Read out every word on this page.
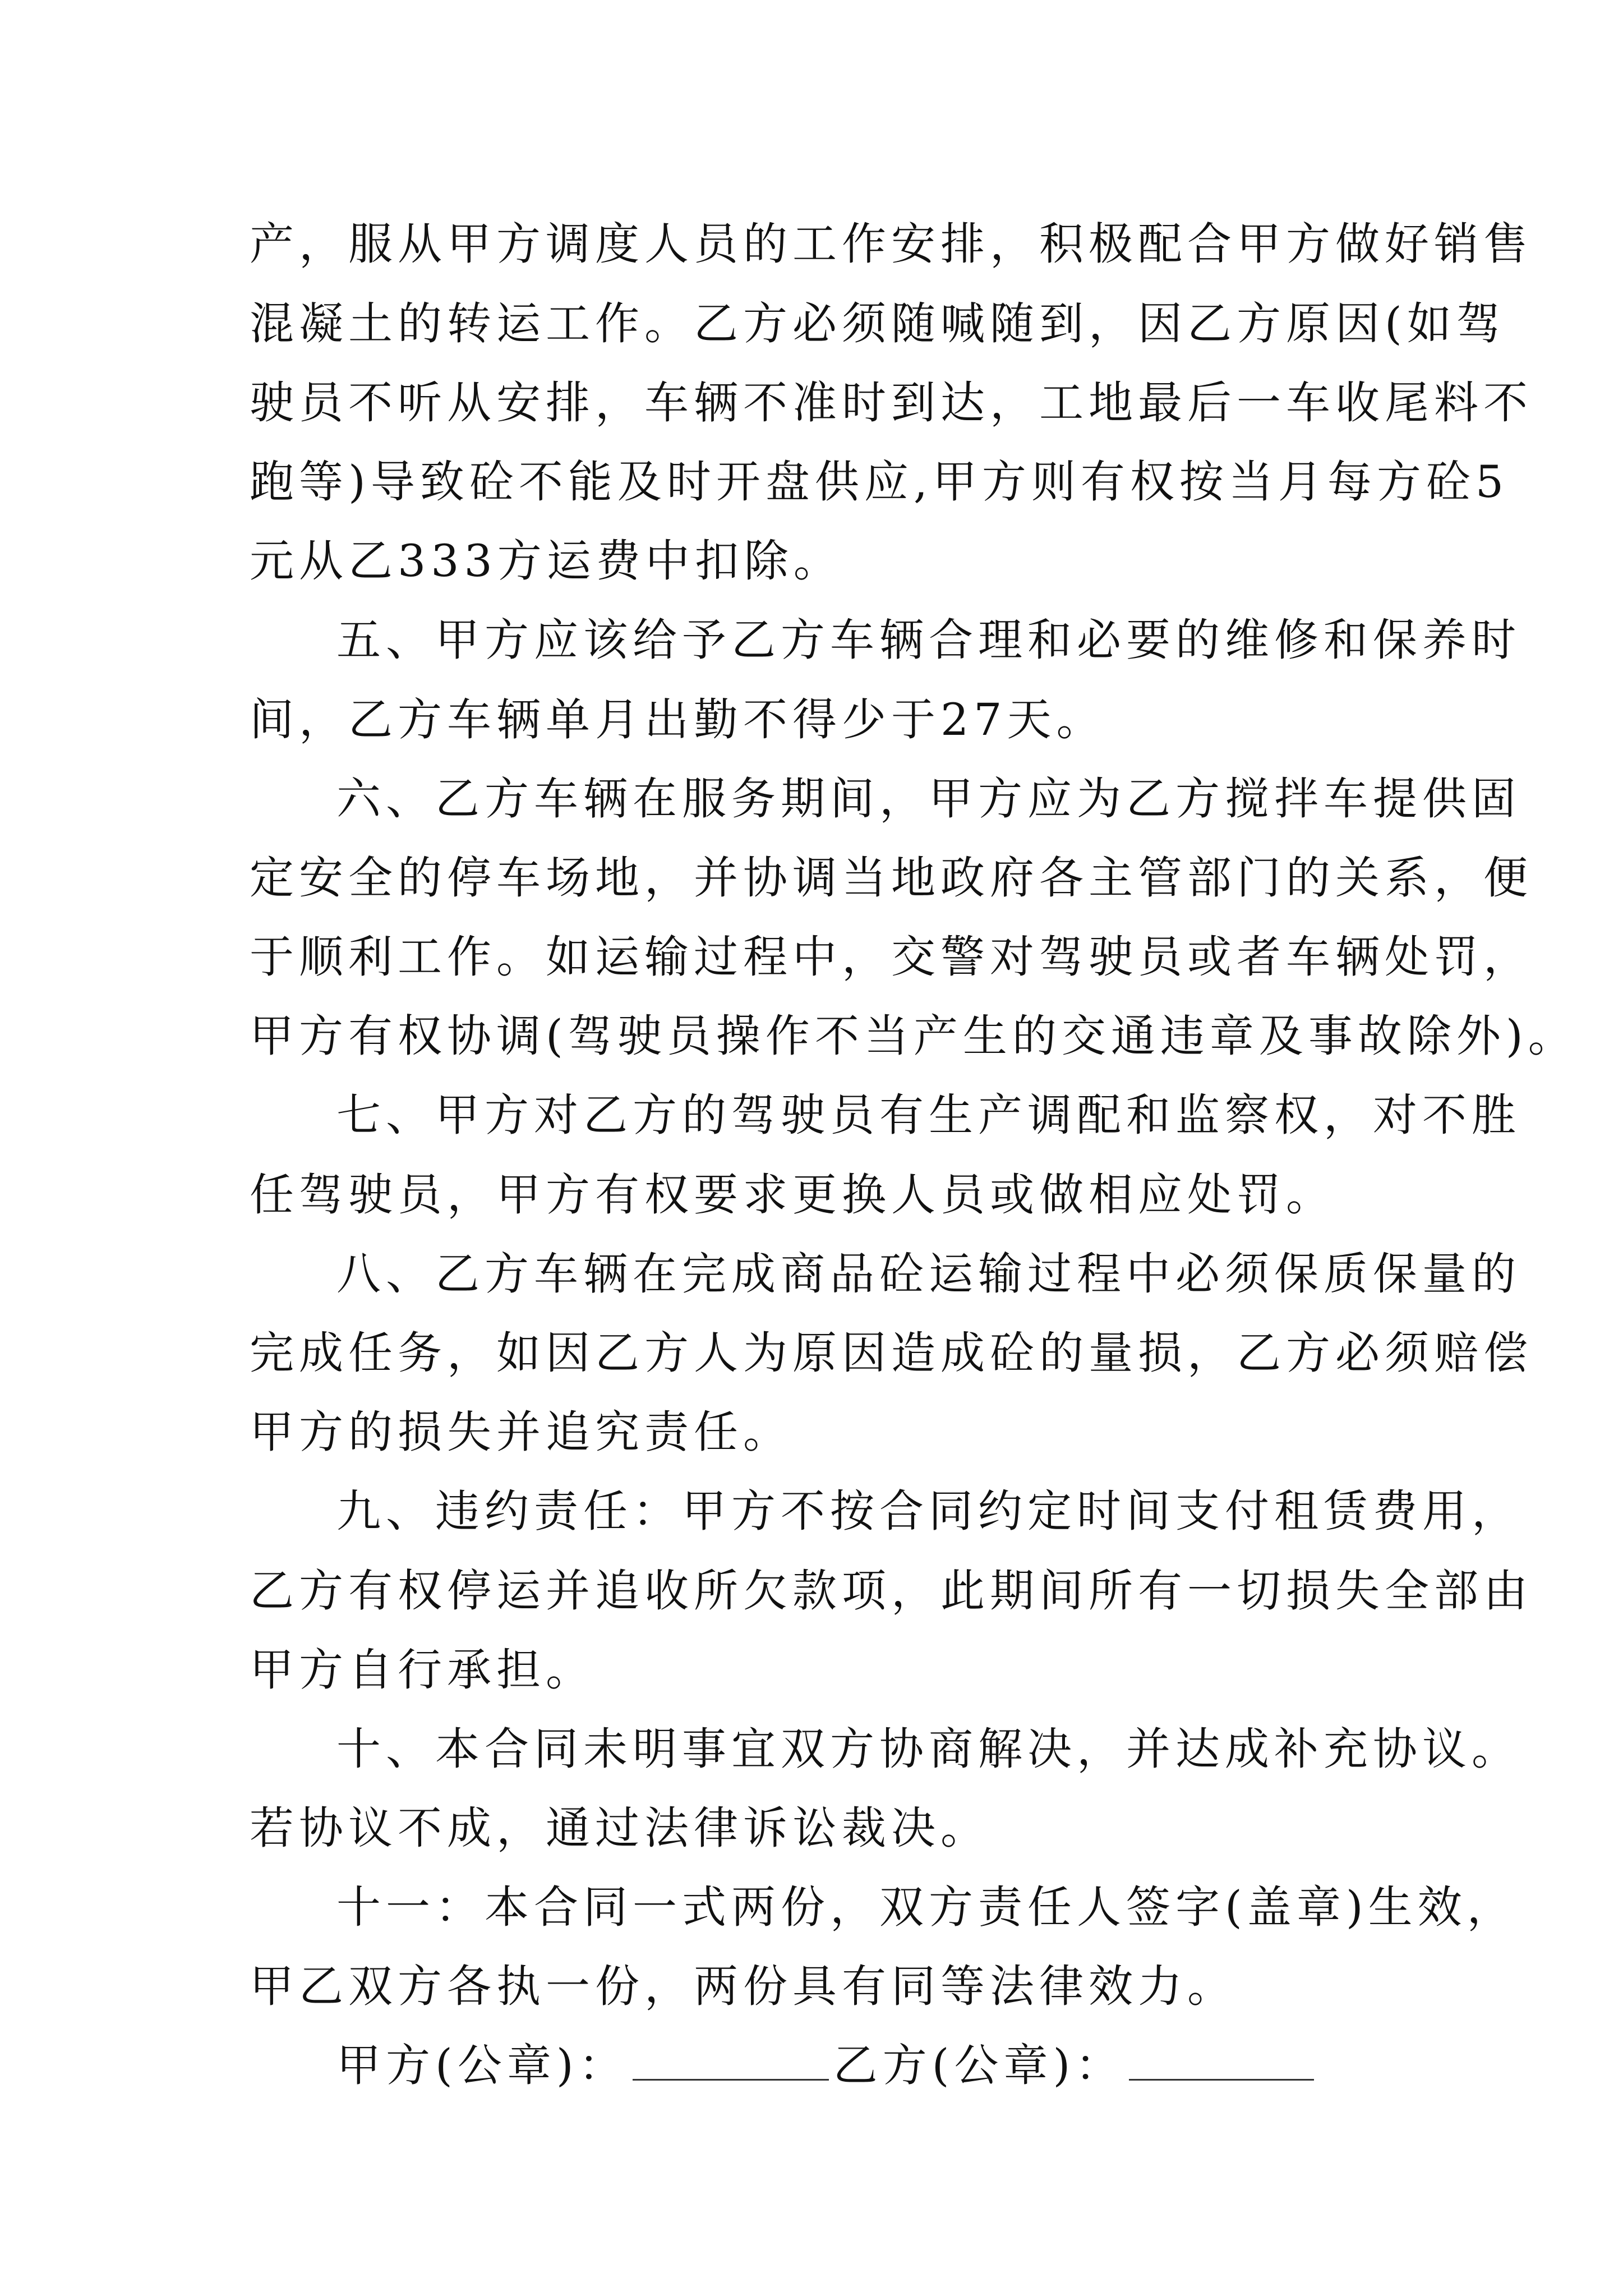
产，服从甲方调度人员的工作安排，积极配合甲方做好销售
混凝土的转运工作。乙方必须随喊随到，因乙方原因(如驾
驶员不听从安排，车辆不准时到达，工地最后一车收尾料不
跑等)导致砼不能及时开盘供应,甲方则有权按当月每方砼5
元从乙333方运费中扣除。
五、甲方应该给予乙方车辆合理和必要的维修和保养时
间，乙方车辆单月出勤不得少于27天。
六、乙方车辆在服务期间，甲方应为乙方搅拌车提供固
定安全的停车场地，并协调当地政府各主管部门的关系，便
于顺利工作。如运输过程中，交警对驾驶员或者车辆处罚，
甲方有权协调(驾驶员操作不当产生的交通违章及事故除外)。
七、甲方对乙方的驾驶员有生产调配和监察权，对不胜
任驾驶员，甲方有权要求更换人员或做相应处罚。
八、乙方车辆在完成商品砼运输过程中必须保质保量的
完成任务，如因乙方人为原因造成砼的量损，乙方必须赔偿
甲方的损失并追究责任。
九、违约责任：甲方不按合同约定时间支付租赁费用，
乙方有权停运并追收所欠款项，此期间所有一切损失全部由
甲方自行承担。
十、本合同未明事宜双方协商解决，并达成补充协议。
若协议不成，通过法律诉讼裁决。
十一：本合同一式两份，双方责任人签字(盖章)生效，
甲乙双方各执一份，两份具有同等法律效力。
甲方(公章)：	乙方(公章)：
